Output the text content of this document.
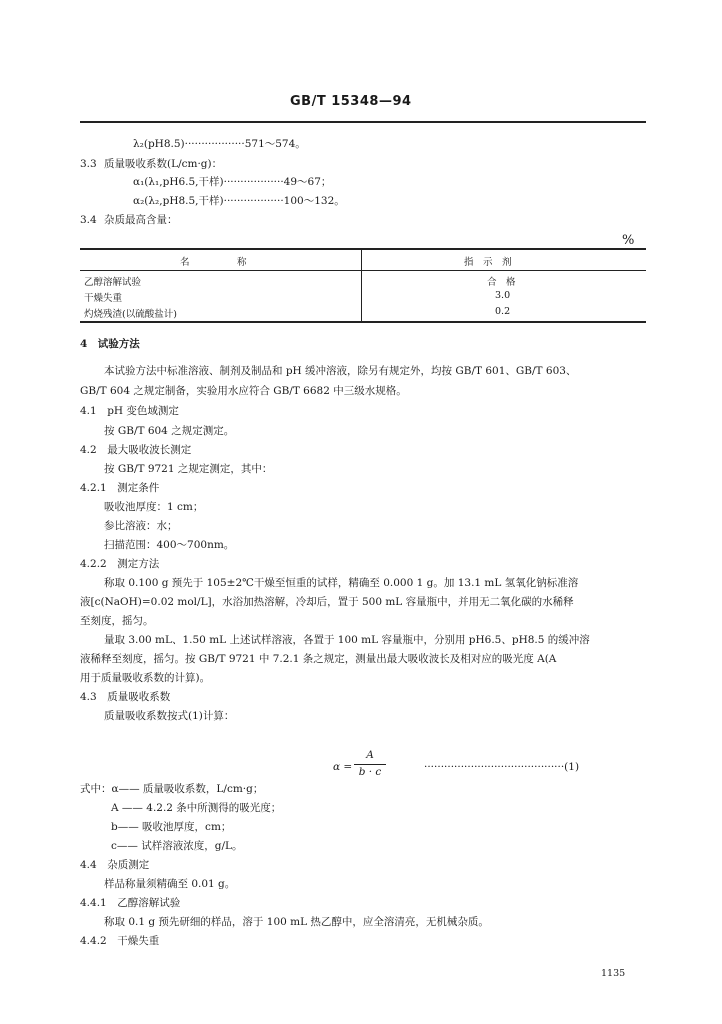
GB/T 15348—94
λ₂(pH8.5)··················571～574。
3.3 质量吸收系数(L/cm·g)：
α₁(λ₁,pH6.5,干样)··················49～67；
α₂(λ₂,pH8.5,干样)··················100～132。
3.4 杂质最高含量：
%
名　　　　　称	指　示　剂
乙醇溶解试验	合　格
干燥失重	3.0
灼烧残渣(以硫酸盐计)	0.2
4　试验方法
本试验方法中标准溶液、制剂及制品和 pH 缓冲溶液，除另有规定外，均按 GB/T 601、GB/T 603、
GB/T 604 之规定制备，实验用水应符合 GB/T 6682 中三级水规格。
4.1　pH 变色域测定
按 GB/T 604 之规定测定。
4.2　最大吸收波长测定
按 GB/T 9721 之规定测定，其中：
4.2.1　测定条件
吸收池厚度：1 cm；
参比溶液：水；
扫描范围：400～700nm。
4.2.2　测定方法
称取 0.100 g 预先于 105±2℃干燥至恒重的试样，精确至 0.000 1 g。加 13.1 mL 氢氧化钠标准溶
液[c(NaOH)=0.02 mol/L]，水浴加热溶解，冷却后，置于 500 mL 容量瓶中，并用无二氧化碳的水稀释
至刻度，摇匀。
量取 3.00 mL、1.50 mL 上述试样溶液，各置于 100 mL 容量瓶中，分别用 pH6.5、pH8.5 的缓冲溶
液稀释至刻度，摇匀。按 GB/T 9721 中 7.2.1 条之规定，测量出最大吸收波长及相对应的吸光度 A(A
用于质量吸收系数的计算)。
4.3　质量吸收系数
质量吸收系数按式(1)计算：
α =
A
b · c	··········································(1)
式中：α—— 质量吸收系数，L/cm·g；
A —— 4.2.2 条中所测得的吸光度；
b—— 吸收池厚度，cm；
c—— 试样溶液浓度，g/L。
4.4　杂质测定
样品称量须精确至 0.01 g。
4.4.1　乙醇溶解试验
称取 0.1 g 预先研细的样品，溶于 100 mL 热乙醇中，应全溶清亮，无机械杂质。
4.4.2　干燥失重
1135
